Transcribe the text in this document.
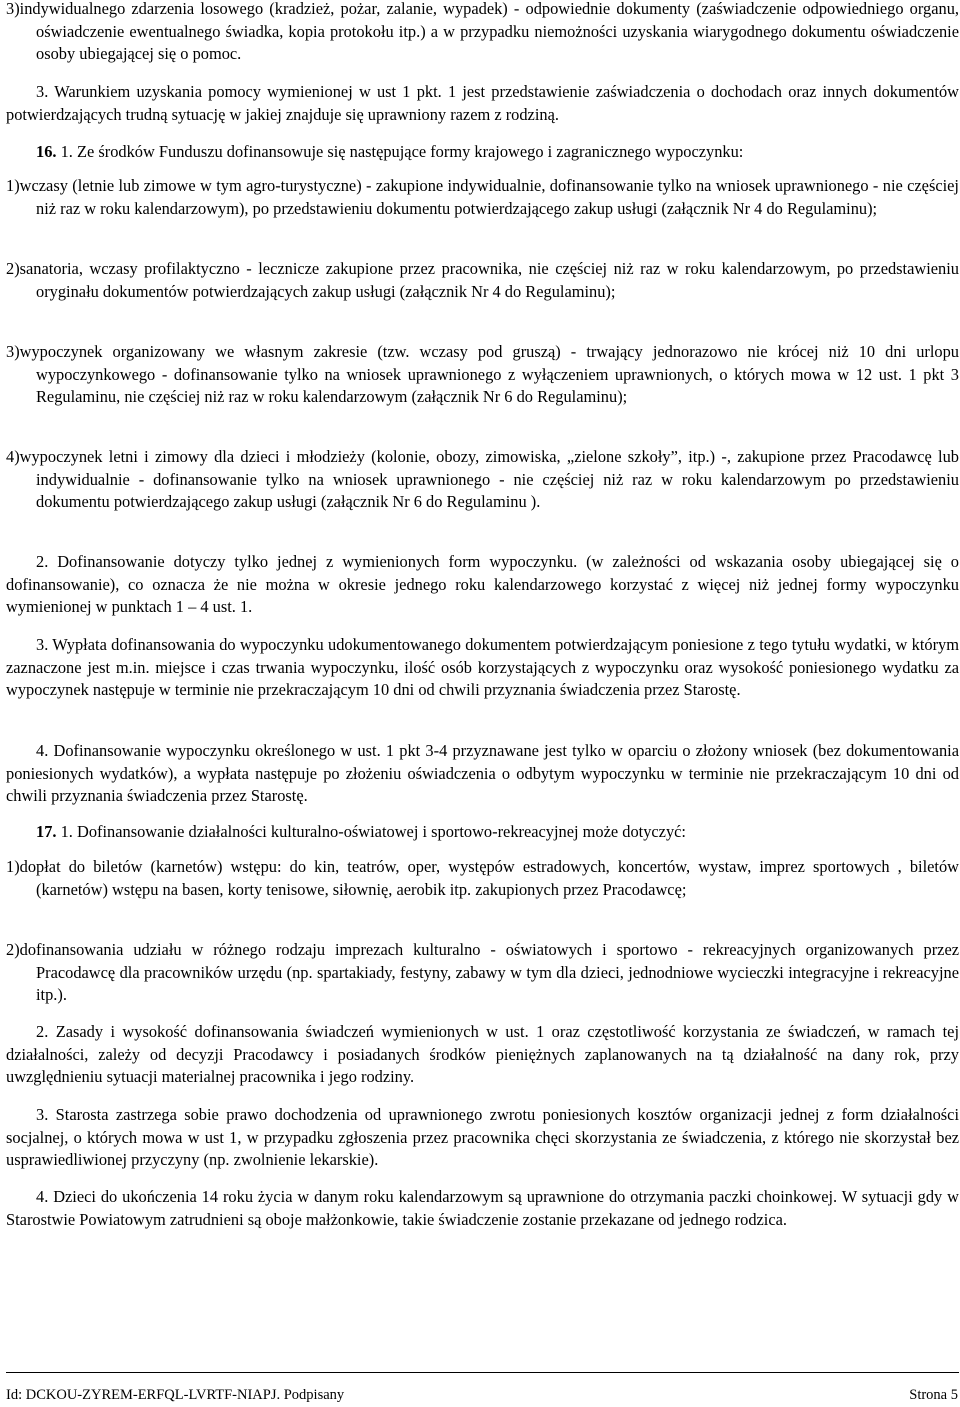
3)indywidualnego zdarzenia losowego (kradzież, pożar, zalanie, wypadek) - odpowiednie dokumenty (zaświadczenie odpowiedniego organu, oświadczenie ewentualnego świadka, kopia protokołu itp.) a w przypadku niemożności uzyskania wiarygodnego dokumentu oświadczenie osoby ubiegającej się o pomoc.

3. Warunkiem uzyskania pomocy wymienionej w ust 1 pkt. 1 jest przedstawienie zaświadczenia o dochodach oraz innych dokumentów potwierdzających trudną sytuację w jakiej znajduje się uprawniony razem z rodziną.

16. 1. Ze środków Funduszu dofinansowuje się następujące formy krajowego i zagranicznego wypoczynku:

1)wczasy (letnie lub zimowe w tym agro-turystyczne) - zakupione indywidualnie, dofinansowanie tylko na wniosek uprawnionego - nie częściej niż raz w roku kalendarzowym), po przedstawieniu dokumentu potwierdzającego zakup usługi (załącznik Nr 4 do Regulaminu);

2)sanatoria, wczasy profilaktyczno - lecznicze zakupione przez pracownika, nie częściej niż raz w roku kalendarzowym, po przedstawieniu oryginału dokumentów potwierdzających zakup usługi (załącznik Nr 4 do Regulaminu);

3)wypoczynek organizowany we własnym zakresie (tzw. wczasy pod gruszą) - trwający jednorazowo nie krócej niż 10 dni urlopu wypoczynkowego - dofinansowanie tylko na wniosek uprawnionego z wyłączeniem uprawnionych, o których mowa w 12 ust. 1 pkt 3 Regulaminu, nie częściej niż raz w roku kalendarzowym (załącznik Nr 6 do Regulaminu);

4)wypoczynek letni i zimowy dla dzieci i młodzieży (kolonie, obozy, zimowiska, „zielone szkoły”, itp.) -, zakupione przez Pracodawcę lub indywidualnie - dofinansowanie tylko na wniosek uprawnionego - nie częściej niż raz w roku kalendarzowym po przedstawieniu dokumentu potwierdzającego zakup usługi (załącznik Nr 6 do Regulaminu ).

2. Dofinansowanie dotyczy tylko jednej z wymienionych form wypoczynku. (w zależności od wskazania osoby ubiegającej się o dofinansowanie), co oznacza że nie można w okresie jednego roku kalendarzowego korzystać z więcej niż jednej formy wypoczynku wymienionej w punktach 1 – 4 ust. 1.

3. Wypłata dofinansowania do wypoczynku udokumentowanego dokumentem potwierdzającym poniesione z tego tytułu wydatki, w którym zaznaczone jest m.in. miejsce i czas trwania wypoczynku, ilość osób korzystających z wypoczynku oraz wysokość poniesionego wydatku za wypoczynek następuje w terminie nie przekraczającym 10 dni od chwili przyznania świadczenia przez Starostę.

4. Dofinansowanie wypoczynku określonego w ust. 1 pkt 3-4 przyznawane jest tylko w oparciu o złożony wniosek (bez dokumentowania poniesionych wydatków), a wypłata następuje po złożeniu oświadczenia o odbytym wypoczynku w terminie nie przekraczającym 10 dni od chwili przyznania świadczenia przez Starostę.

17. 1. Dofinansowanie działalności kulturalno-oświatowej i sportowo-rekreacyjnej może dotyczyć:

1)dopłat do biletów (karnetów) wstępu: do kin, teatrów, oper, występów estradowych, koncertów, wystaw, imprez sportowych , biletów (karnetów) wstępu na basen, korty tenisowe, siłownię, aerobik itp. zakupionych przez Pracodawcę;

2)dofinansowania udziału w różnego rodzaju imprezach kulturalno - oświatowych i sportowo - rekreacyjnych organizowanych przez Pracodawcę dla pracowników urzędu (np. spartakiady, festyny, zabawy w tym dla dzieci, jednodniowe wycieczki integracyjne i rekreacyjne itp.).

2. Zasady i wysokość dofinansowania świadczeń wymienionych w ust. 1 oraz częstotliwość korzystania ze świadczeń, w ramach tej działalności, zależy od decyzji Pracodawcy i posiadanych środków pieniężnych zaplanowanych na tą działalność na dany rok, przy uwzględnieniu sytuacji materialnej pracownika i jego rodziny.

3. Starosta zastrzega sobie prawo dochodzenia od uprawnionego zwrotu poniesionych kosztów organizacji jednej z form działalności socjalnej, o których mowa w ust 1, w przypadku zgłoszenia przez pracownika chęci skorzystania ze świadczenia, z którego nie skorzystał bez usprawiedliwionej przyczyny (np. zwolnienie lekarskie).

4. Dzieci do ukończenia 14 roku życia w danym roku kalendarzowym są uprawnione do otrzymania paczki choinkowej. W sytuacji gdy w Starostwie Powiatowym zatrudnieni są oboje małżonkowie, takie świadczenie zostanie przekazane od jednego rodzica.

Id: DCKOU-ZYREM-ERFQL-LVRTF-NIAPJ. Podpisany	Strona 5
